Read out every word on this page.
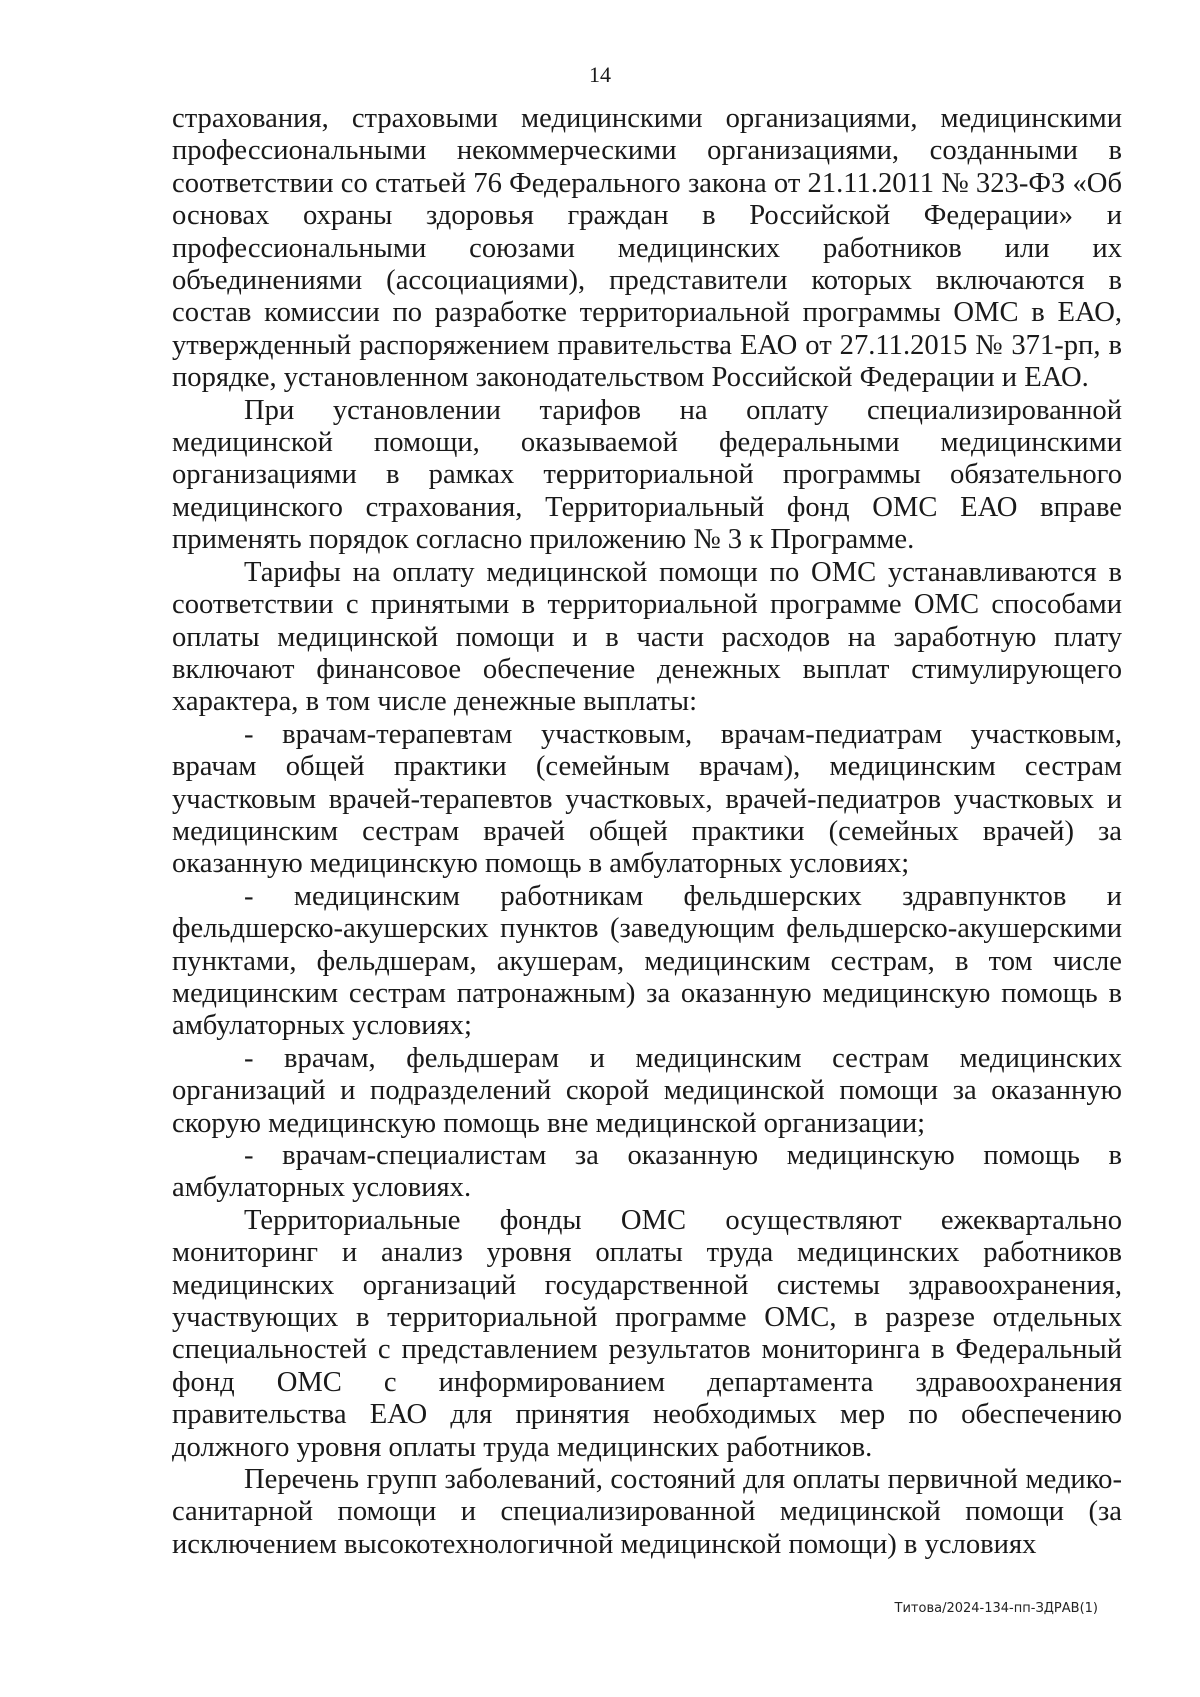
14

страхования, страховыми медицинскими организациями, медицинскими профессиональными некоммерческими организациями, созданными в соответствии со статьей 76 Федерального закона от 21.11.2011 № 323-ФЗ «Об основах охраны здоровья граждан в Российской Федерации» и профессиональными союзами медицинских работников или их объединениями (ассоциациями), представители которых включаются в состав комиссии по разработке территориальной программы ОМС в ЕАО, утвержденный распоряжением правительства ЕАО от 27.11.2015 № 371-рп, в порядке, установленном законодательством Российской Федерации и ЕАО.

При установлении тарифов на оплату специализированной медицинской помощи, оказываемой федеральными медицинскими организациями в рамках территориальной программы обязательного медицинского страхования, Территориальный фонд ОМС ЕАО вправе применять порядок согласно приложению № 3 к Программе.

Тарифы на оплату медицинской помощи по ОМС устанавливаются в соответствии с принятыми в территориальной программе ОМС способами оплаты медицинской помощи и в части расходов на заработную плату включают финансовое обеспечение денежных выплат стимулирующего характера, в том числе денежные выплаты:

- врачам-терапевтам участковым, врачам-педиатрам участковым, врачам общей практики (семейным врачам), медицинским сестрам участковым врачей-терапевтов участковых, врачей-педиатров участковых и медицинским сестрам врачей общей практики (семейных врачей) за оказанную медицинскую помощь в амбулаторных условиях;

- медицинским работникам фельдшерских здравпунктов и фельдшерско-акушерских пунктов (заведующим фельдшерско-акушерскими пунктами, фельдшерам, акушерам, медицинским сестрам, в том числе медицинским сестрам патронажным) за оказанную медицинскую помощь в амбулаторных условиях;

- врачам, фельдшерам и медицинским сестрам медицинских организаций и подразделений скорой медицинской помощи за оказанную скорую медицинскую помощь вне медицинской организации;

- врачам-специалистам за оказанную медицинскую помощь в амбулаторных условиях.

Территориальные фонды ОМС осуществляют ежеквартально мониторинг и анализ уровня оплаты труда медицинских работников медицинских организаций государственной системы здравоохранения, участвующих в территориальной программе ОМС, в разрезе отдельных специальностей с представлением результатов мониторинга в Федеральный фонд ОМС с информированием департамента здравоохранения правительства ЕАО для принятия необходимых мер по обеспечению должного уровня оплаты труда медицинских работников.

Перечень групп заболеваний, состояний для оплаты первичной медико-санитарной помощи и специализированной медицинской помощи (за исключением высокотехнологичной медицинской помощи) в условиях

Титова/2024-134-пп-ЗДРАВ(1)
